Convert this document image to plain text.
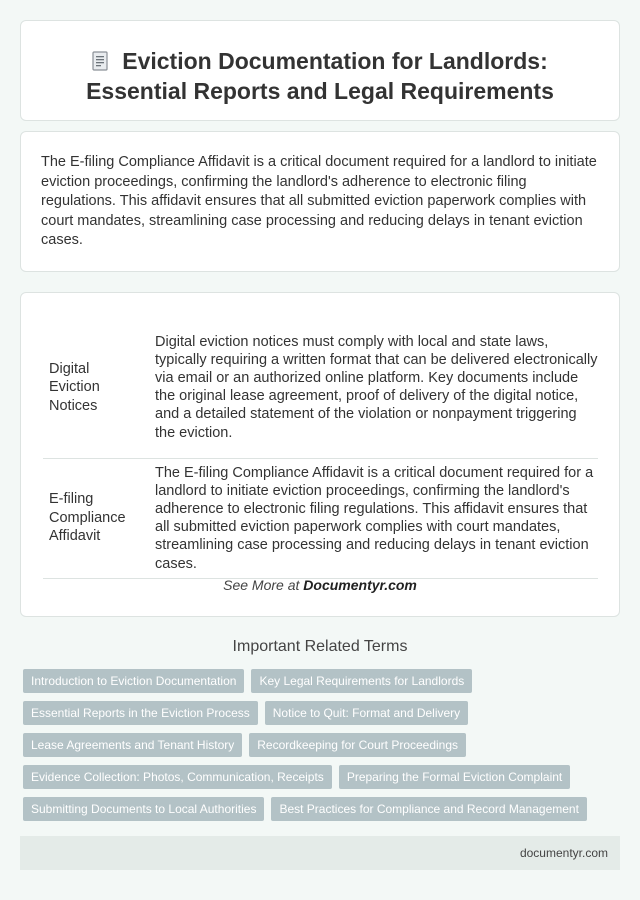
Eviction Documentation for Landlords:
Essential Reports and Legal Requirements

The E-filing Compliance Affidavit is a critical document required for a landlord to initiate eviction proceedings, confirming the landlord's adherence to electronic filing regulations. This affidavit ensures that all submitted eviction paperwork complies with court mandates, streamlining case processing and reducing delays in tenant eviction cases.

Digital Eviction Notices	Digital eviction notices must comply with local and state laws, typically requiring a written format that can be delivered electronically via email or an authorized online platform. Key documents include the original lease agreement, proof of delivery of the digital notice, and a detailed statement of the violation or nonpayment triggering the eviction.
E-filing Compliance Affidavit	The E-filing Compliance Affidavit is a critical document required for a landlord to initiate eviction proceedings, confirming the landlord's adherence to electronic filing regulations. This affidavit ensures that all submitted eviction paperwork complies with court mandates, streamlining case processing and reducing delays in tenant eviction cases.
See More at Documentyr.com
Important Related Terms
Introduction to Eviction Documentation Key Legal Requirements for Landlords
Essential Reports in the Eviction Process Notice to Quit: Format and Delivery
Lease Agreements and Tenant History Recordkeeping for Court Proceedings
Evidence Collection: Photos, Communication, Receipts Preparing the Formal Eviction Complaint
Submitting Documents to Local Authorities Best Practices for Compliance and Record Management
documentyr.com
